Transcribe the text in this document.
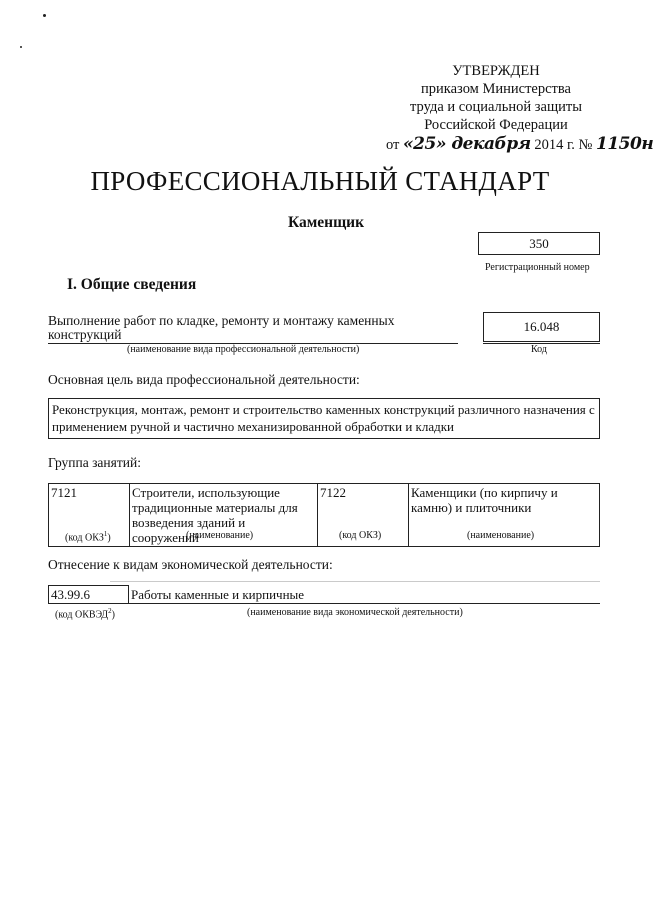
УТВЕРЖДЕН
приказом Министерства
труда и социальной защиты
Российской Федерации
от «25» декабря 2014 г. № 1150н
ПРОФЕССИОНАЛЬНЫЙ СТАНДАРТ
Каменщик
350
Регистрационный номер
I. Общие сведения
Выполнение работ по кладке, ремонту и монтажу каменных
конструкций
(наименование вида профессиональной деятельности)
16.048
Код
Основная цель вида профессиональной деятельности:
Реконструкция, монтаж, ремонт и строительство каменных конструкций различного назначения с применением ручной и частично механизированной обработки и кладки
Группа занятий:
7121	Строители, использующие традиционные материалы для возведения зданий и сооружений	7122	Каменщики (по кирпичу и камню) и плиточники
(код ОКЗ$^1$)	(наименование)	(код ОКЗ)	(наименование)
Отнесение к видам экономической деятельности:
43.99.6	Работы каменные и кирпичные
(код ОКВЭД$^2$)	(наименование вида экономической деятельности)
